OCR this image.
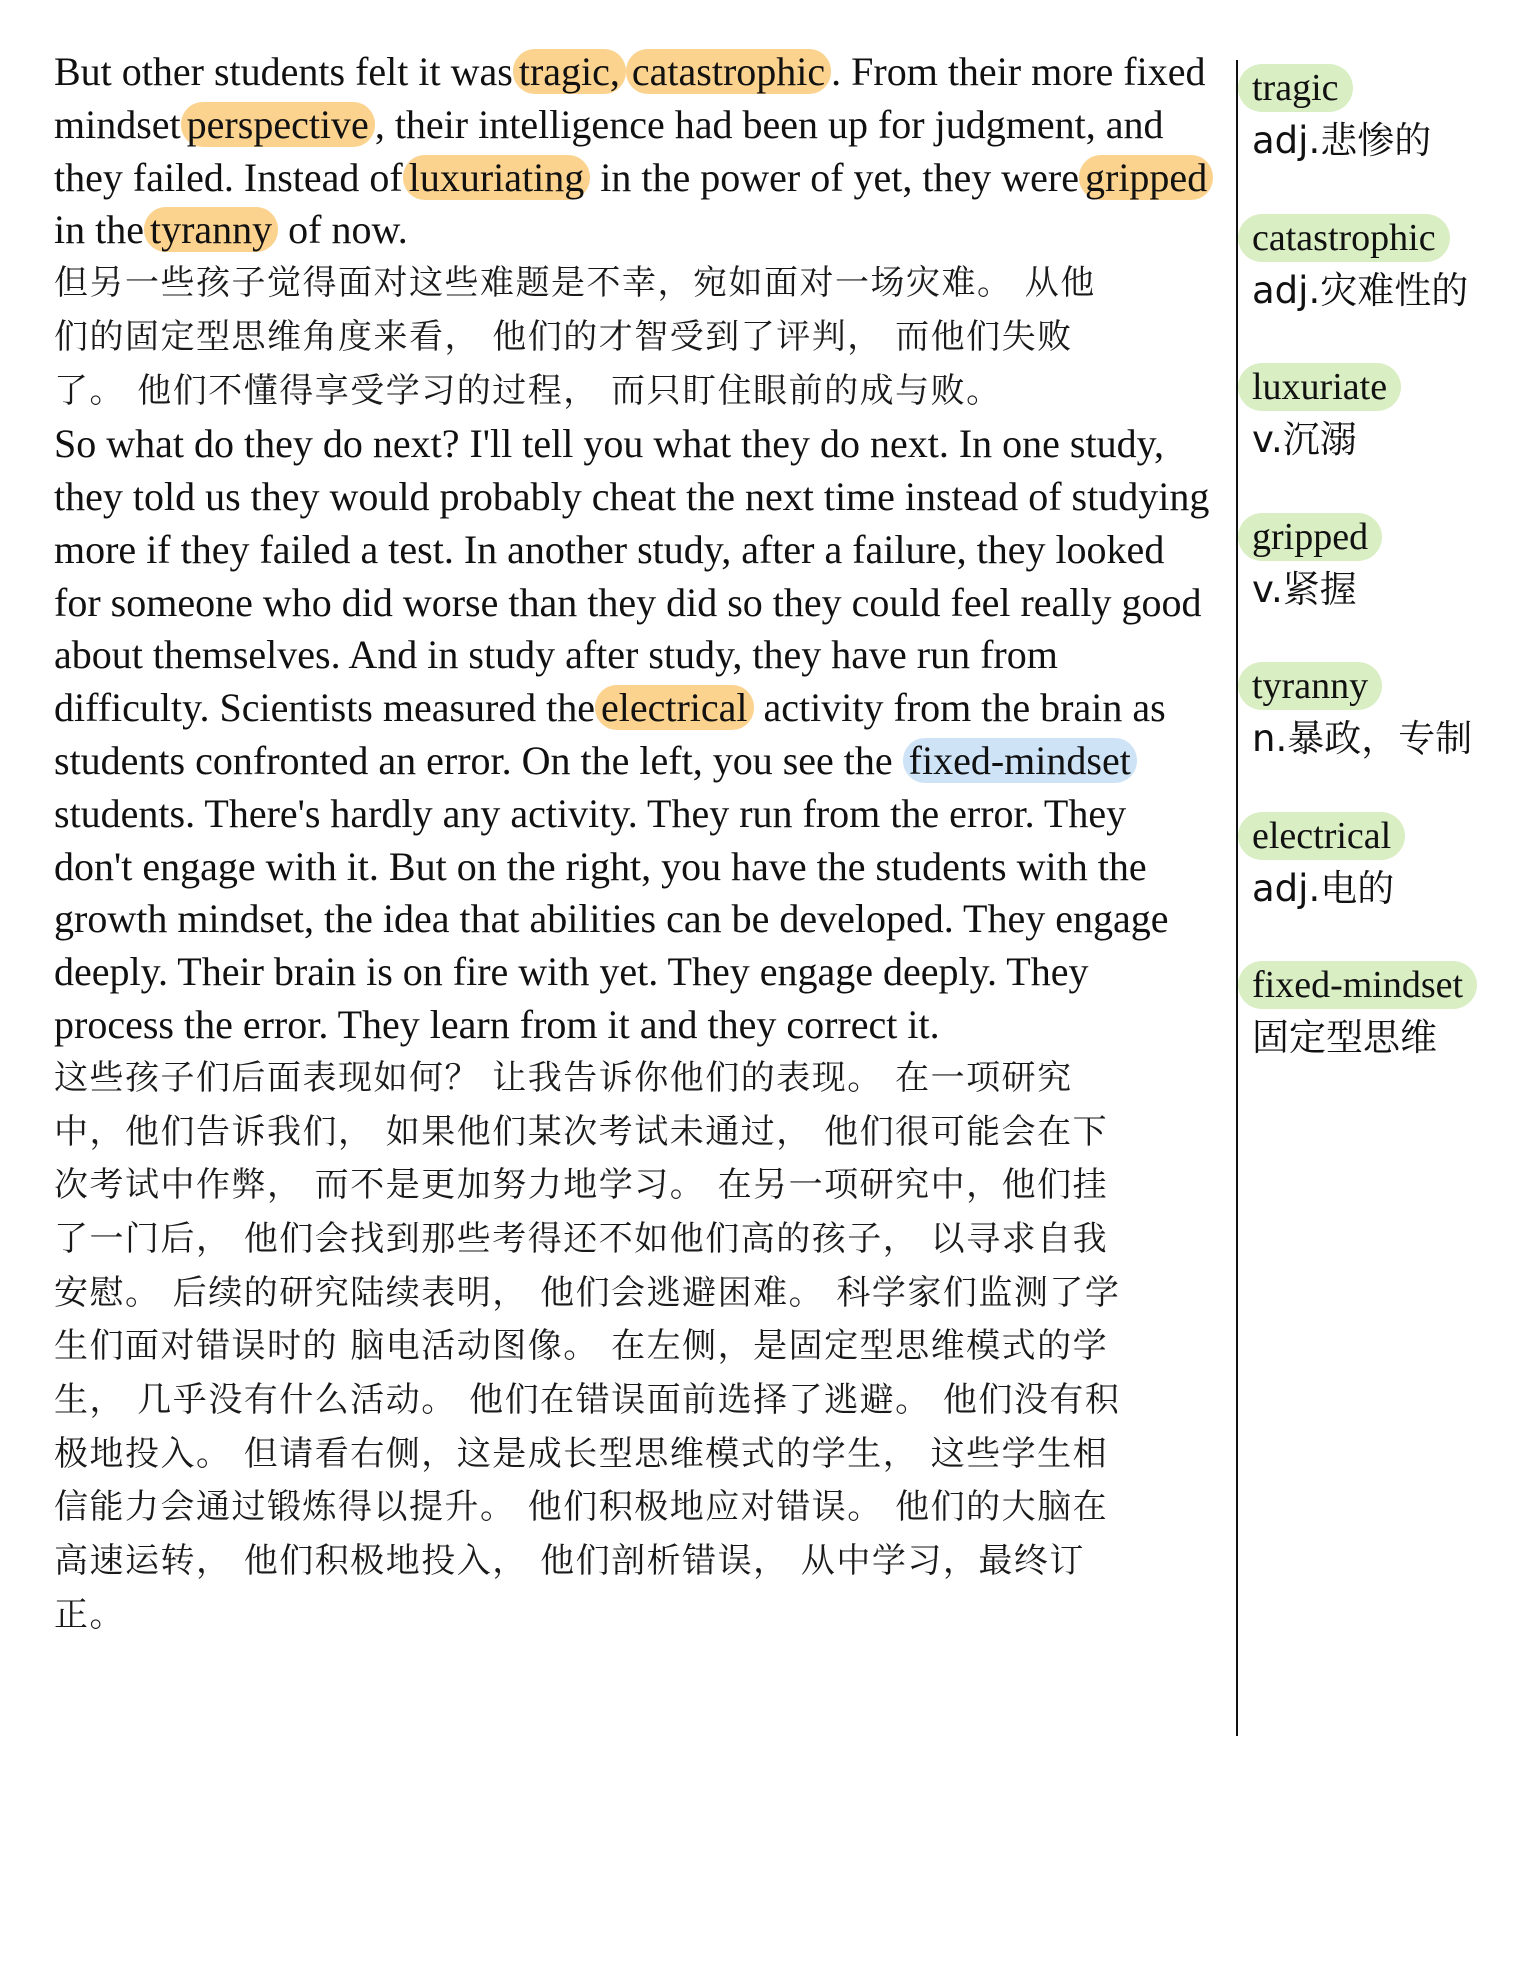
But other students felt it was tragic, catastrophic . From their more fixed mindset perspective , their intelligence had been up for judgment, and they failed. Instead of luxuriating in the power of yet, they were gripped in the tyranny of now.

但另一些孩子觉得面对这些难题是不幸，宛如面对一场灾难。 从他
们的固定型思维角度来看， 他们的才智受到了评判， 而他们失败
了。 他们不懂得享受学习的过程， 而只盯住眼前的成与败。

So what do they do next? I'll tell you what they do next. In one study, they told us they would probably cheat the next time instead of studying more if they failed a test. In another study, after a failure, they looked for someone who did worse than they did so they could feel really good about themselves. And in study after study, they have run from difficulty. Scientists measured the electrical activity from the brain as students confronted an error. On the left, you see the fixed-mindset students. There's hardly any activity. They run from the error. They don't engage with it. But on the right, you have the students with the growth mindset, the idea that abilities can be developed. They engage deeply. Their brain is on fire with yet. They engage deeply. They process the error. They learn from it and they correct it.

这些孩子们后面表现如何？ 让我告诉你他们的表现。 在一项研究
中，他们告诉我们， 如果他们某次考试未通过， 他们很可能会在下
次考试中作弊， 而不是更加努力地学习。 在另一项研究中，他们挂
了一门后， 他们会找到那些考得还不如他们高的孩子， 以寻求自我
安慰。 后续的研究陆续表明， 他们会逃避困难。 科学家们监测了学
生们面对错误时的 脑电活动图像。 在左侧，是固定型思维模式的学
生， 几乎没有什么活动。 他们在错误面前选择了逃避。 他们没有积
极地投入。 但请看右侧，这是成长型思维模式的学生， 这些学生相
信能力会通过锻炼得以提升。 他们积极地应对错误。 他们的大脑在
高速运转， 他们积极地投入， 他们剖析错误， 从中学习，最终订
正。

tragic
adj.悲惨的
catastrophic
adj.灾难性的
luxuriate
v.沉溺
gripped
v.紧握
tyranny
n.暴政，专制
electrical
adj.电的
fixed-mindset
固定型思维
